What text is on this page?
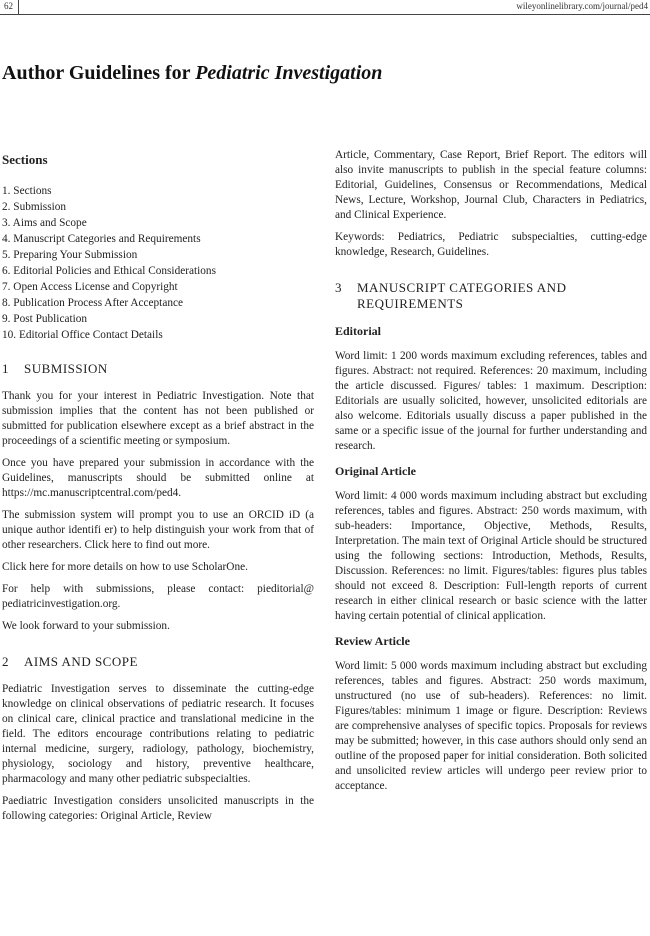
62	wileyonlinelibrary.com/journal/ped4
Author Guidelines for Pediatric Investigation
Sections
1. Sections
2. Submission
3. Aims and Scope
4. Manuscript Categories and Requirements
5. Preparing Your Submission
6. Editorial Policies and Ethical Considerations
7. Open Access License and Copyright
8. Publication Process After Acceptance
9. Post Publication
10. Editorial Office Contact Details
1	SUBMISSION

Thank you for your interest in Pediatric Investigation. Note that submission implies that the content has not been published or submitted for publication elsewhere except as a brief abstract in the proceedings of a scientific meeting or symposium.

Once you have prepared your submission in accordance with the Guidelines, manuscripts should be submitted online at https://mc.manuscriptcentral.com/ped4.

The submission system will prompt you to use an ORCID iD (a unique author identifi er) to help distinguish your work from that of other researchers. Click here to find out more.

Click here for more details on how to use ScholarOne.

For help with submissions, please contact: pieditorial@ pediatricinvestigation.org.

We look forward to your submission.

2	AIMS AND SCOPE

Pediatric Investigation serves to disseminate the cutting-edge knowledge on clinical observations of pediatric research. It focuses on clinical care, clinical practice and translational medicine in the field. The editors encourage contributions relating to pediatric internal medicine, surgery, radiology, pathology, biochemistry, physiology, sociology and history, preventive healthcare, pharmacology and many other pediatric subspecialties.

Paediatric Investigation considers unsolicited manuscripts in the following categories: Original Article, Review

Article, Commentary, Case Report, Brief Report. The editors will also invite manuscripts to publish in the special feature columns: Editorial, Guidelines, Consensus or Recommendations, Medical News, Lecture, Workshop, Journal Club, Characters in Pediatrics, and Clinical Experience.

Keywords: Pediatrics, Pediatric subspecialties, cutting-edge knowledge, Research, Guidelines.

3	MANUSCRIPT CATEGORIES AND REQUIREMENTS
Editorial

Word limit: 1 200 words maximum excluding references, tables and figures. Abstract: not required. References: 20 maximum, including the article discussed. Figures/ tables: 1 maximum. Description: Editorials are usually solicited, however, unsolicited editorials are also welcome. Editorials usually discuss a paper published in the same or a specific issue of the journal for further understanding and research.

Original Article

Word limit: 4 000 words maximum including abstract but excluding references, tables and figures. Abstract: 250 words maximum, with sub-headers: Importance, Objective, Methods, Results, Interpretation. The main text of Original Article should be structured using the following sections: Introduction, Methods, Results, Discussion. References: no limit. Figures/tables: figures plus tables should not exceed 8. Description: Full-length reports of current research in either clinical research or basic science with the latter having certain potential of clinical application.

Review Article

Word limit: 5 000 words maximum including abstract but excluding references, tables and figures. Abstract: 250 words maximum, unstructured (no use of sub-headers). References: no limit. Figures/tables: minimum 1 image or figure. Description: Reviews are comprehensive analyses of specific topics. Proposals for reviews may be submitted; however, in this case authors should only send an outline of the proposed paper for initial consideration. Both solicited and unsolicited review articles will undergo peer review prior to acceptance.
